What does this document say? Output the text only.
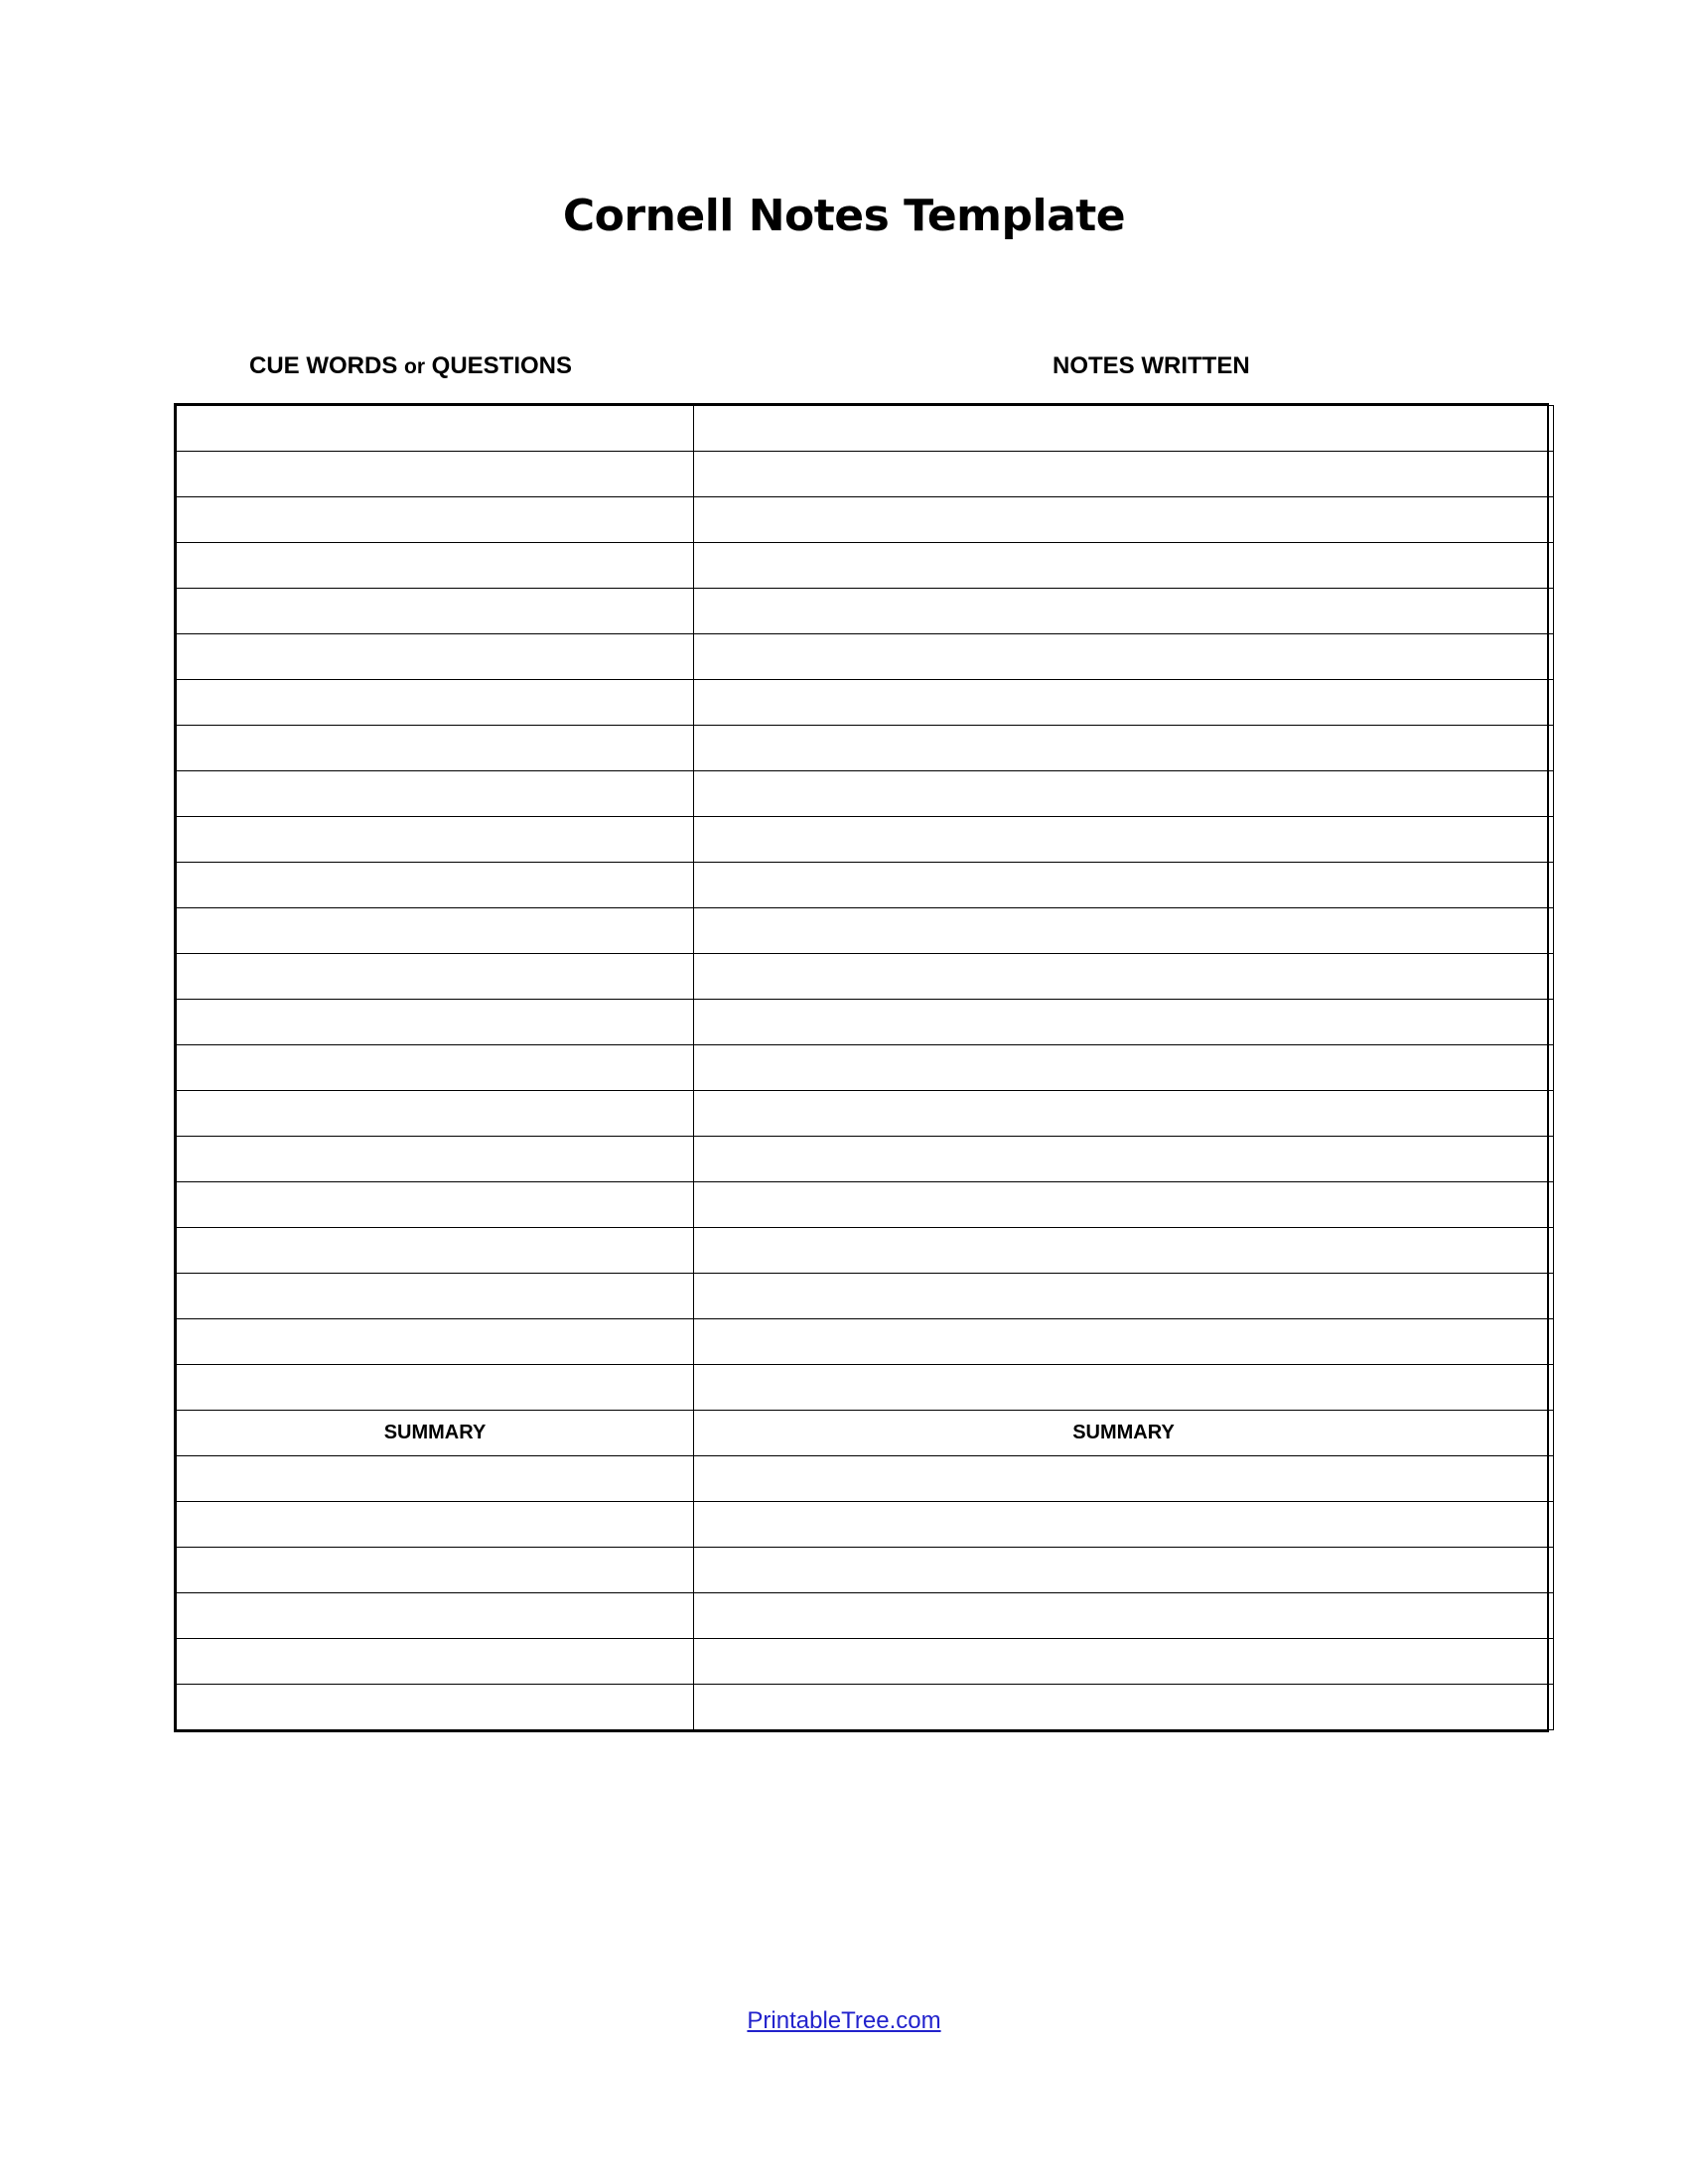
Cornell Notes Template
CUE WORDS or QUESTIONS	NOTES WRITTEN

SUMMARY	SUMMARY

PrintableTree.com
